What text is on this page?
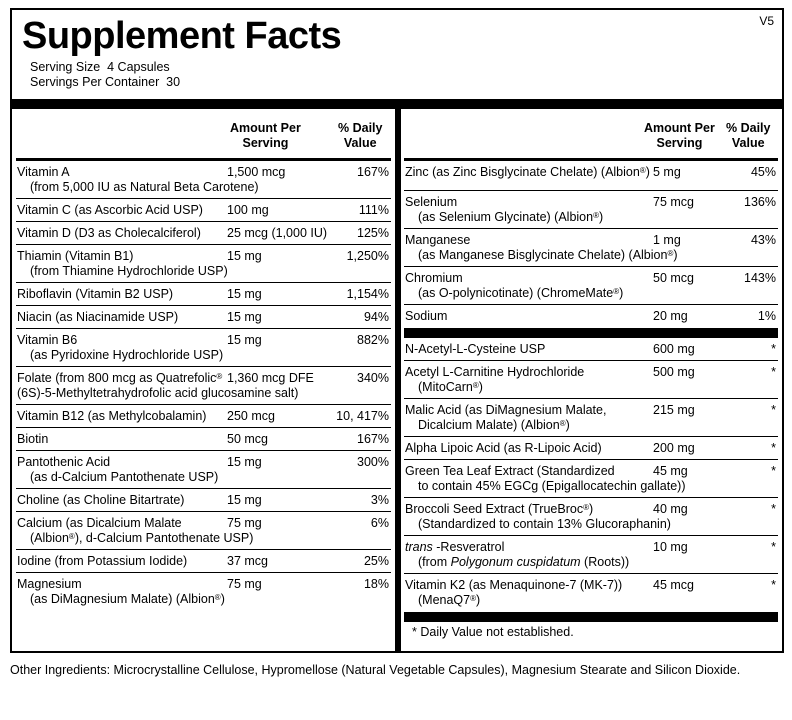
Supplement Facts	V5
Serving Size  4 Capsules
Servings Per Container  30
Amount Per
Serving
% Daily
Value
Vitamin A
(from 5,000 IU as Natural Beta Carotene)
1,500 mcg	167%
Vitamin C (as Ascorbic Acid USP)	100 mg	111%
Vitamin D (D3 as Cholecalciferol)	25 mcg (1,000 IU) 125%
Thiamin (Vitamin B1)
(from Thiamine Hydrochloride USP)
15 mg	1,250%
Riboflavin (Vitamin B2 USP)	15 mg	1,154%
Niacin (as Niacinamide USP)	15 mg	94%
Vitamin B6
(as Pyridoxine Hydrochloride USP)
15 mg	882%
Folate (from 800 mcg as Quatrefolic®
(6S)-5-Methyltetrahydrofolic acid glucosamine salt)
1,360 mcg DFE	340%
Vitamin B12 (as Methylcobalamin)	250 mcg	10, 417%
Biotin	50 mcg	167%
Pantothenic Acid
(as d-Calcium Pantothenate USP)
15 mg	300%
Choline (as Choline Bitartrate)	15 mg	3%
Calcium (as Dicalcium Malate
(Albion®), d-Calcium Pantothenate USP)
75 mg	6%
Iodine (from Potassium Iodide)	37 mcg	25%
Magnesium
(as DiMagnesium Malate) (Albion®)
75 mg	18%
Amount Per
Serving
% Daily
Value
Zinc (as Zinc Bisglycinate Chelate) (Albion®) 5 mg	45%
Selenium
(as Selenium Glycinate) (Albion®)
75 mcg	136%
Manganese
(as Manganese Bisglycinate Chelate) (Albion®)
1 mg	43%
Chromium
(as O-polynicotinate) (ChromeMate®)
50 mcg	143%
Sodium	20 mg	1%
N-Acetyl-L-Cysteine USP	600 mg	*
Acetyl L-Carnitine Hydrochloride
(MitoCarn®)
500 mg	*
Malic Acid (as DiMagnesium Malate,
Dicalcium Malate) (Albion®)
215 mg	*
Alpha Lipoic Acid (as R-Lipoic Acid)	200 mg	*
Green Tea Leaf Extract (Standardized
to contain 45% EGCg (Epigallocatechin gallate))
45 mg	*
Broccoli Seed Extract (TrueBroc®)
(Standardized to contain 13% Glucoraphanin)
40 mg	*
trans -Resveratrol
(from Polygonum cuspidatum (Roots))
10 mg	*
Vitamin K2 (as Menaquinone-7 (MK-7))
(MenaQ7®)
45 mcg	*
* Daily Value not established.
Other Ingredients: Microcrystalline Cellulose, Hypromellose (Natural Vegetable Capsules), Magnesium Stearate and Silicon Dioxide.
